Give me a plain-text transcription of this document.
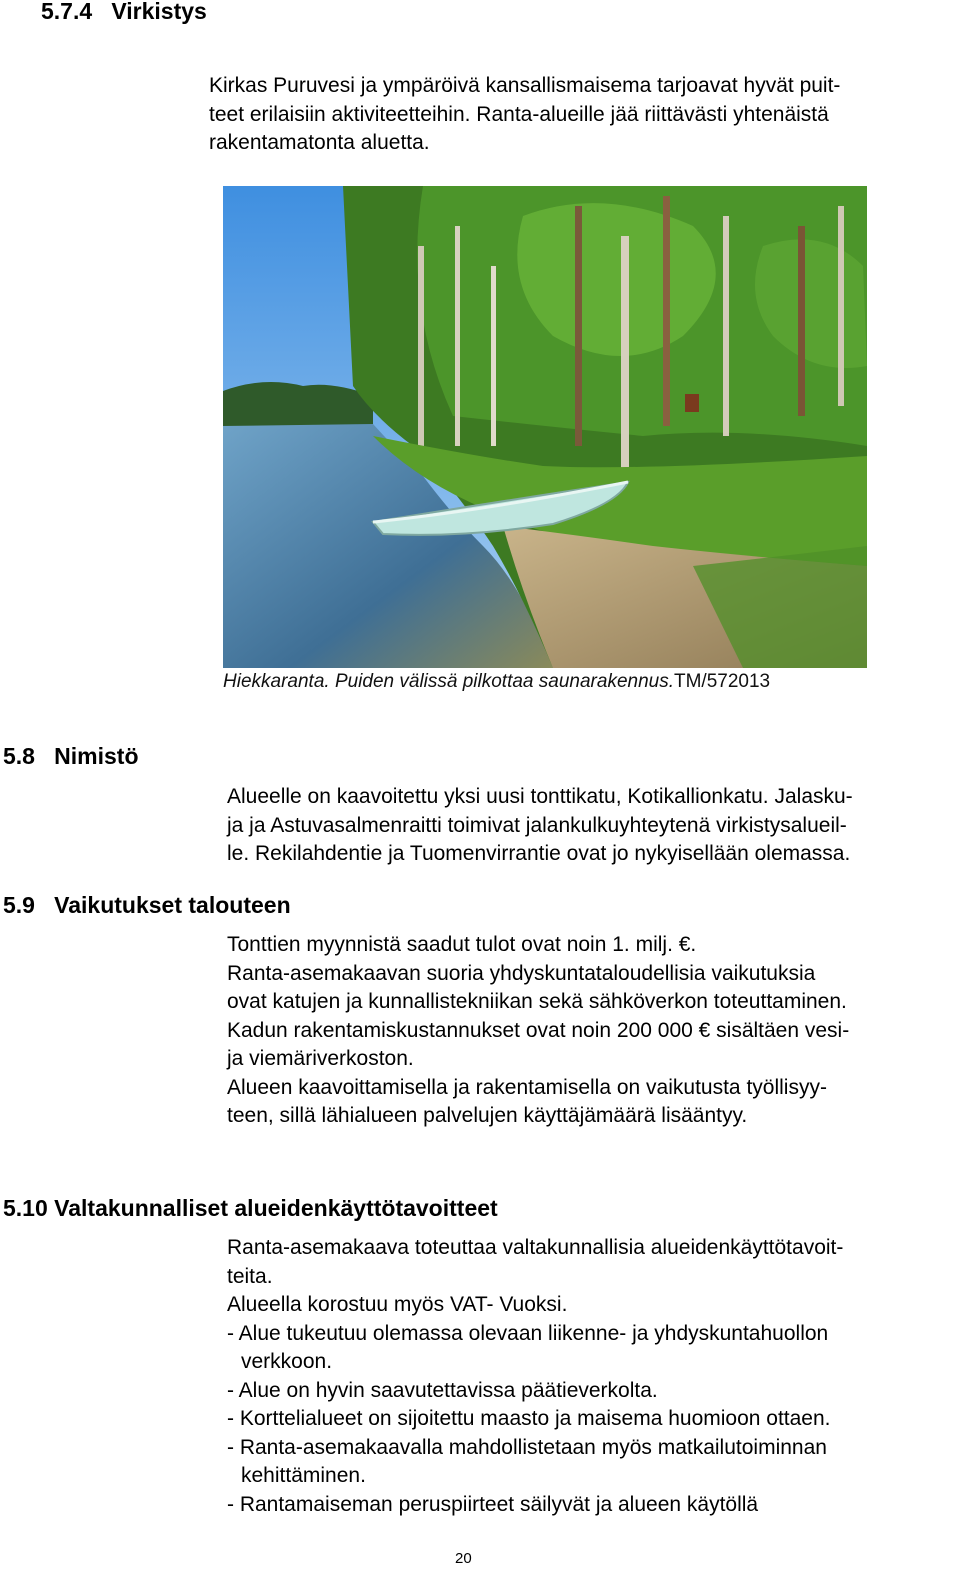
5.7.4 Virkistys
Kirkas Puruvesi ja ympäröivä kansallismaisema tarjoavat hyvät puit-
teet erilaisiin aktiviteetteihin. Ranta-alueille jää riittävästi yhtenäistä
rakentamatonta aluetta.
Hiekkaranta. Puiden välissä pilkottaa saunarakennus.TM/572013
5.8 Nimistö
Alueelle on kaavoitettu yksi uusi tonttikatu, Kotikallionkatu. Jalasku-
ja ja Astuvasalmenraitti toimivat jalankulkuyhteytenä virkistysalueil-
le. Rekilahdentie ja Tuomenvirrantie ovat jo nykyisellään olemassa.
5.9 Vaikutukset talouteen
Tonttien myynnistä saadut tulot ovat noin 1. milj. €.
Ranta-asemakaavan suoria yhdyskuntataloudellisia vaikutuksia
ovat katujen ja kunnallistekniikan sekä sähköverkon toteuttaminen.
Kadun rakentamiskustannukset ovat noin 200 000 € sisältäen vesi-
ja viemäriverkoston.
Alueen kaavoittamisella ja rakentamisella on vaikutusta työllisyy-
teen, sillä lähialueen palvelujen käyttäjämäärä lisääntyy.
5.10 Valtakunnalliset alueidenkäyttötavoitteet
Ranta-asemakaava toteuttaa valtakunnallisia alueidenkäyttötavoit-
teita.
Alueella korostuu myös VAT- Vuoksi.
- Alue tukeutuu olemassa olevaan liikenne- ja yhdyskuntahuollon
verkkoon.
- Alue on hyvin saavutettavissa päätieverkolta.
- Korttelialueet on sijoitettu maasto ja maisema huomioon ottaen.
- Ranta-asemakaavalla mahdollistetaan myös matkailutoiminnan
kehittäminen.
- Rantamaiseman peruspiirteet säilyvät ja alueen käytöllä
20
